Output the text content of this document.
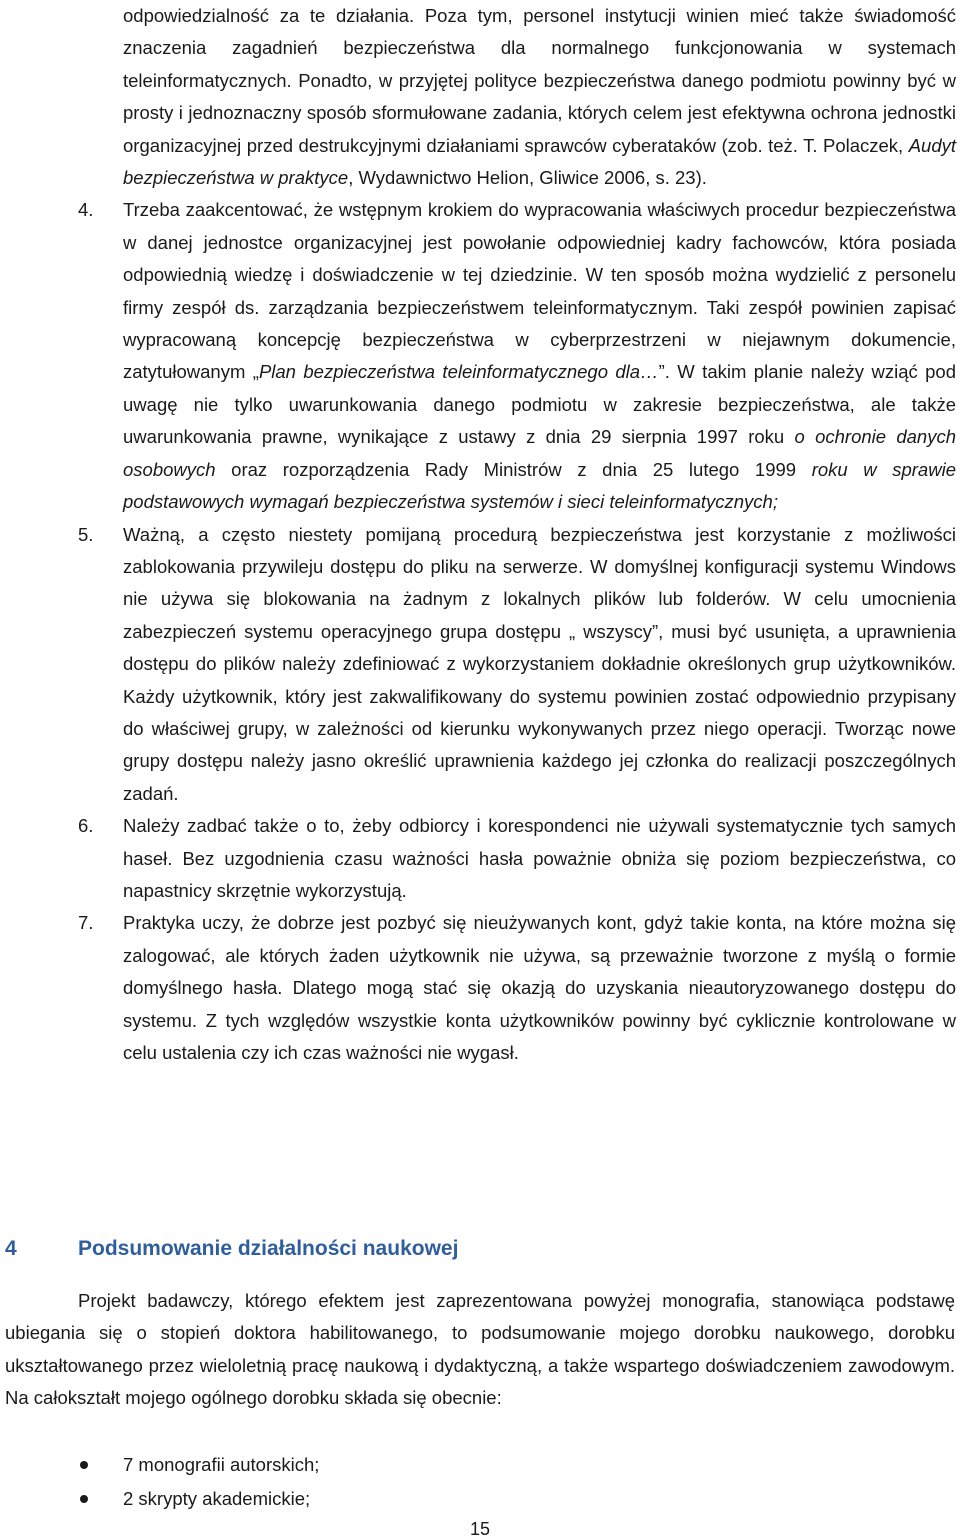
odpowiedzialność za te działania. Poza tym, personel instytucji winien mieć także świadomość znaczenia zagadnień bezpieczeństwa dla normalnego funkcjonowania w systemach teleinformatycznych. Ponadto, w przyjętej polityce bezpieczeństwa danego podmiotu powinny być w prosty i jednoznaczny sposób sformułowane zadania, których celem jest efektywna ochrona jednostki organizacyjnej przed destrukcyjnymi działaniami sprawców cyberataków (zob. też. T. Polaczek, Audyt bezpieczeństwa w praktyce, Wydawnictwo Helion, Gliwice 2006, s. 23).

4. Trzeba zaakcentować, że wstępnym krokiem do wypracowania właściwych procedur bezpieczeństwa w danej jednostce organizacyjnej jest powołanie odpowiedniej kadry fachowców, która posiada odpowiednią wiedzę i doświadczenie w tej dziedzinie. W ten sposób można wydzielić z personelu firmy zespół ds. zarządzania bezpieczeństwem teleinformatycznym. Taki zespół powinien zapisać wypracowaną koncepcję bezpieczeństwa w cyberprzestrzeni w niejawnym dokumencie, zatytułowanym „Plan bezpieczeństwa teleinformatycznego dla…”. W takim planie należy wziąć pod uwagę nie tylko uwarunkowania danego podmiotu w zakresie bezpieczeństwa, ale także uwarunkowania prawne, wynikające z ustawy z dnia 29 sierpnia 1997 roku o ochronie danych osobowych oraz rozporządzenia Rady Ministrów z dnia 25 lutego 1999 roku w sprawie podstawowych wymagań bezpieczeństwa systemów i sieci teleinformatycznych;

5. Ważną, a często niestety pomijaną procedurą bezpieczeństwa jest korzystanie z możliwości zablokowania przywileju dostępu do pliku na serwerze. W domyślnej konfiguracji systemu Windows nie używa się blokowania na żadnym z lokalnych plików lub folderów. W celu umocnienia zabezpieczeń systemu operacyjnego grupa dostępu „ wszyscy”, musi być usunięta, a uprawnienia dostępu do plików należy zdefiniować z wykorzystaniem dokładnie określonych grup użytkowników. Każdy użytkownik, który jest zakwalifikowany do systemu powinien zostać odpowiednio przypisany do właściwej grupy, w zależności od kierunku wykonywanych przez niego operacji. Tworząc nowe grupy dostępu należy jasno określić uprawnienia każdego jej członka do realizacji poszczególnych zadań.

6. Należy zadbać także o to, żeby odbiorcy i korespondenci nie używali systematycznie tych samych haseł. Bez uzgodnienia czasu ważności hasła poważnie obniża się poziom bezpieczeństwa, co napastnicy skrzętnie wykorzystują.

7. Praktyka uczy, że dobrze jest pozbyć się nieużywanych kont, gdyż takie konta, na które można się zalogować, ale których żaden użytkownik nie używa, są przeważnie tworzone z myślą o formie domyślnego hasła. Dlatego mogą stać się okazją do uzyskania nieautoryzowanego dostępu do systemu. Z tych względów wszystkie konta użytkowników powinny być cyklicznie kontrolowane w celu ustalenia czy ich czas ważności nie wygasł.

4	Podsumowanie działalności naukowej

Projekt badawczy, którego efektem jest zaprezentowana powyżej monografia, stanowiąca podstawę ubiegania się o stopień doktora habilitowanego, to podsumowanie mojego dorobku naukowego, dorobku ukształtowanego przez wieloletnią pracę naukową i dydaktyczną, a także wspartego doświadczeniem zawodowym. Na całokształt mojego ogólnego dorobku składa się obecnie:

7 monografii autorskich;
2 skrypty akademickie;
15
